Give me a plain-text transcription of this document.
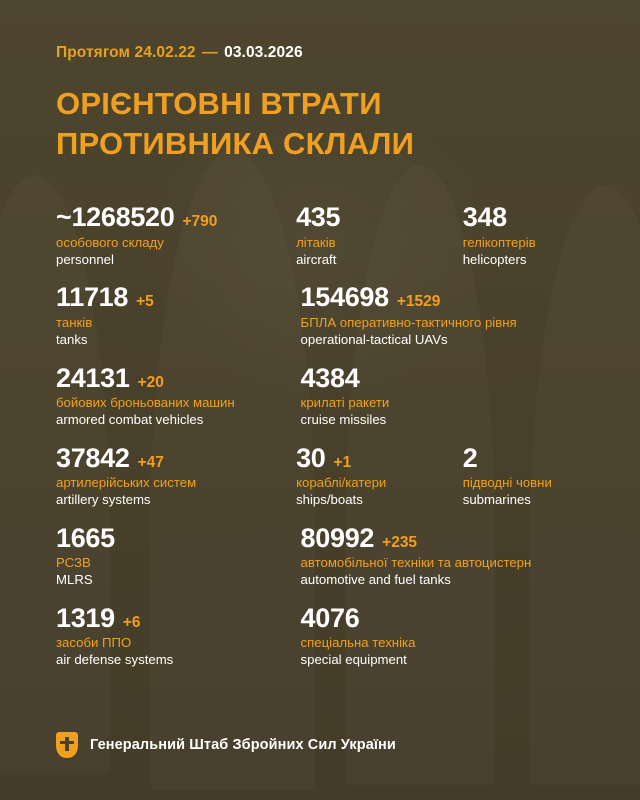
Протягом 24.02.22 — 03.03.2026
ОРІЄНТОВНІ ВТРАТИ
ПРОТИВНИКА СКЛАЛИ
~1268520 +790
особового складу
personnel
435
літаків
aircraft
348
гелікоптерів
helicopters
11718 +5
танків
tanks
154698 +1529
БПЛА оперативно-тактичного рівня
operational-tactical UAVs
24131 +20
бойових броньованих машин
armored combat vehicles
4384
крилаті ракети
cruise missiles
37842 +47
артилерійських систем
artillery systems
30 +1
кораблі/катери
ships/boats
2
підводні човни
submarines
1665
РСЗВ
MLRS
80992 +235
автомобільної техніки та автоцистерн
automotive and fuel tanks
1319 +6
засоби ППО
air defense systems
4076
спеціальна техніка
special equipment
Генеральний Штаб Збройних Сил України
